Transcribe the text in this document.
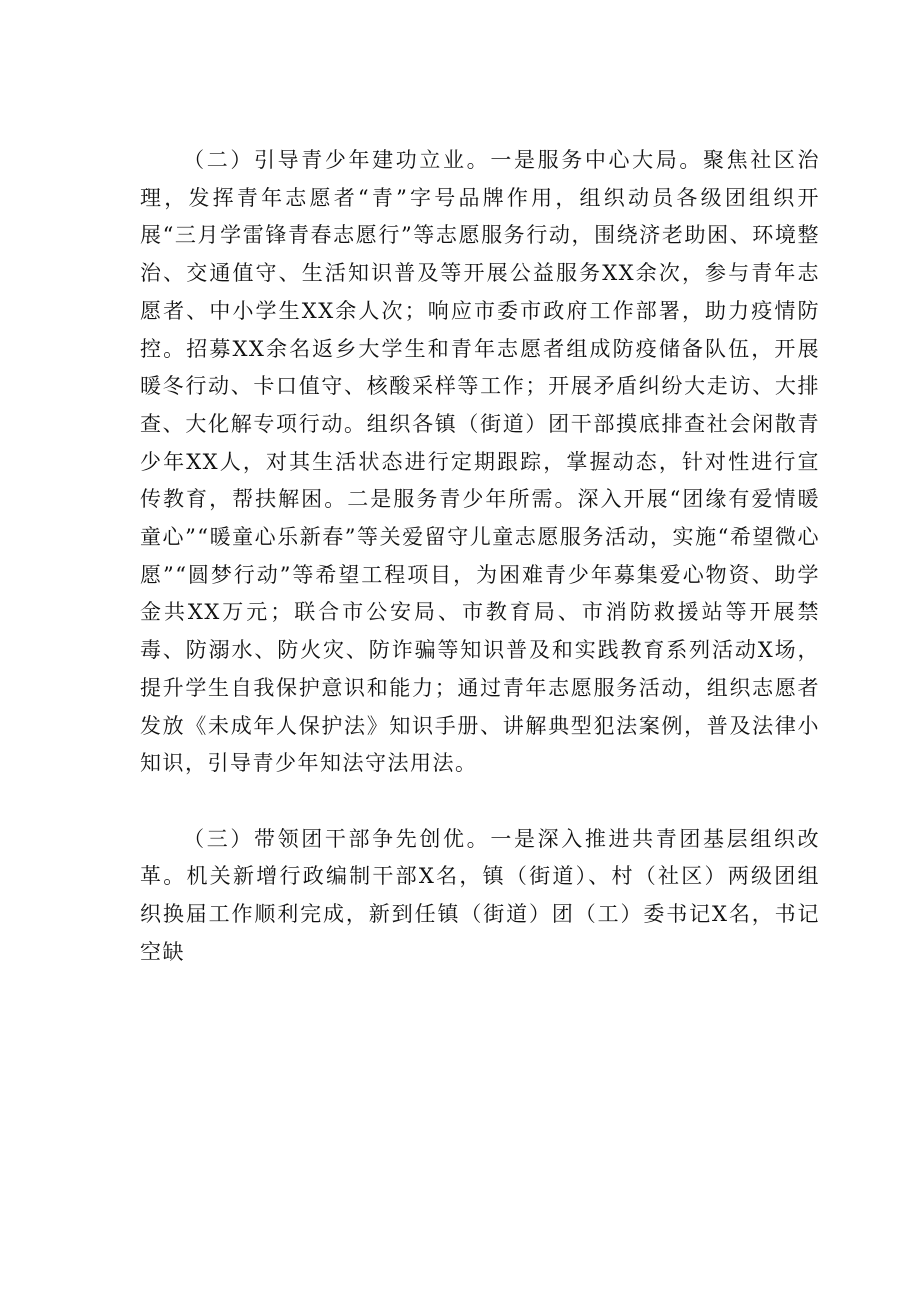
（二）引导青少年建功立业。一是服务中心大局。聚焦社区治理，发挥青年志愿者“青”字号品牌作用，组织动员各级团组织开展“三月学雷锋青春志愿行”等志愿服务行动，围绕济老助困、环境整治、交通值守、生活知识普及等开展公益服务XX余次，参与青年志愿者、中小学生XX余人次；响应市委市政府工作部署，助力疫情防控。招募XX余名返乡大学生和青年志愿者组成防疫储备队伍，开展暖冬行动、卡口值守、核酸采样等工作；开展矛盾纠纷大走访、大排查、大化解专项行动。组织各镇（街道）团干部摸底排查社会闲散青少年XX人，对其生活状态进行定期跟踪，掌握动态，针对性进行宣传教育，帮扶解困。二是服务青少年所需。深入开展“团缘有爱情暖童心”“暖童心乐新春”等关爱留守儿童志愿服务活动，实施“希望微心愿”“圆梦行动”等希望工程项目，为困难青少年募集爱心物资、助学金共XX万元；联合市公安局、市教育局、市消防救援站等开展禁毒、防溺水、防火灾、防诈骗等知识普及和实践教育系列活动X场，提升学生自我保护意识和能力；通过青年志愿服务活动，组织志愿者发放《未成年人保护法》知识手册、讲解典型犯法案例，普及法律小知识，引导青少年知法守法用法。

（三）带领团干部争先创优。一是深入推进共青团基层组织改革。机关新增行政编制干部X名，镇（街道）、村（社区）两级团组织换届工作顺利完成，新到任镇（街道）团（工）委书记X名，书记空缺
